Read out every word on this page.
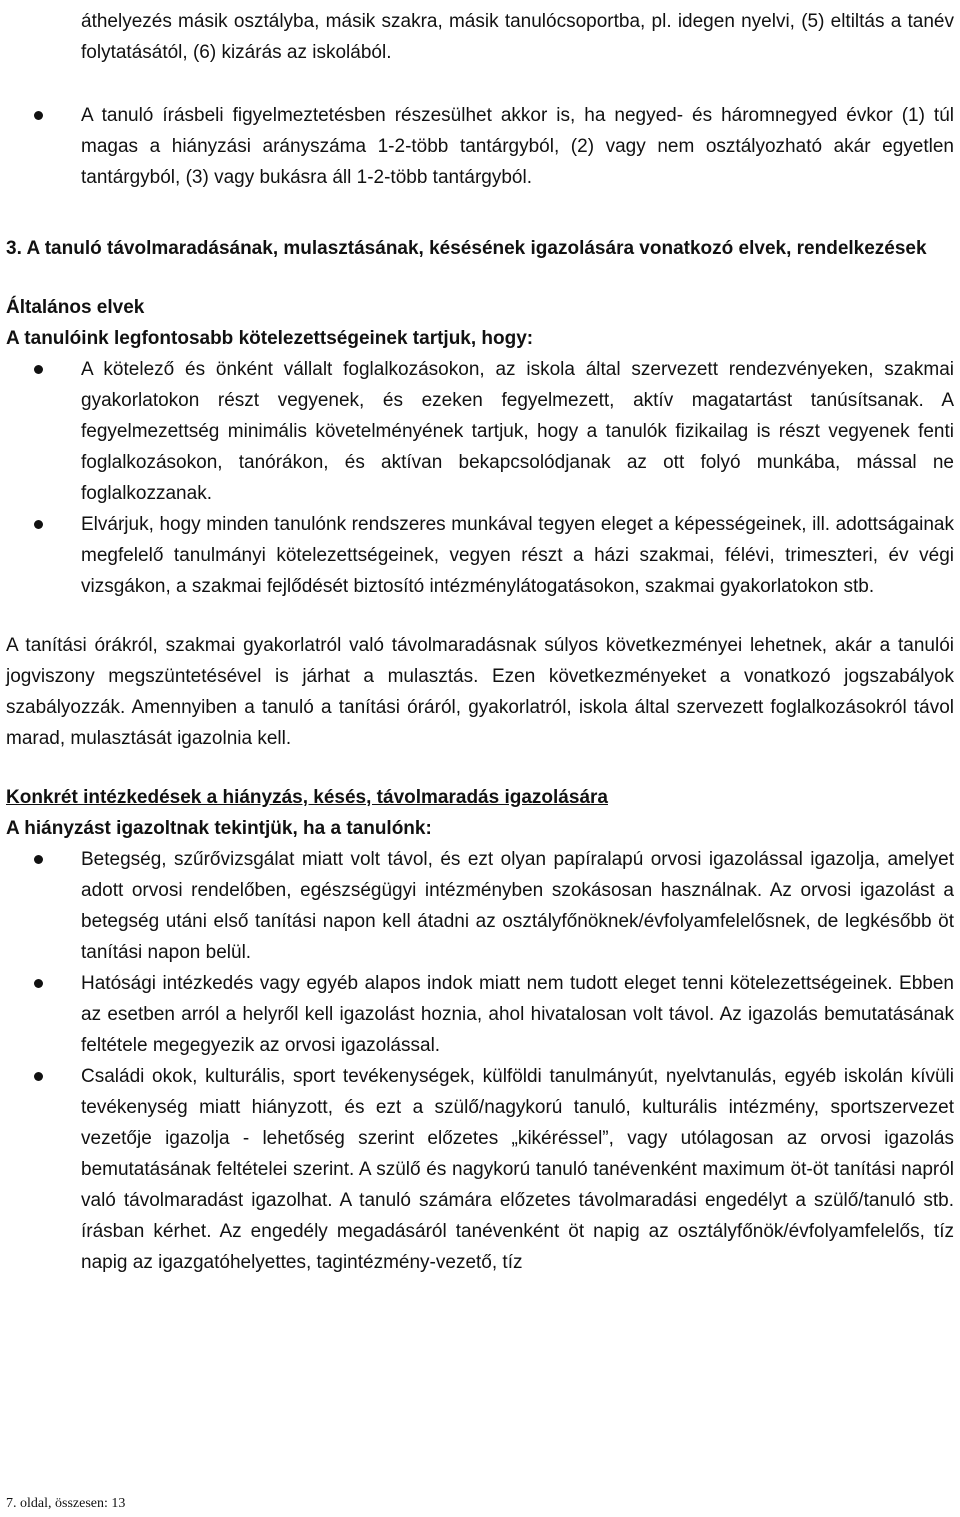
áthelyezés másik osztályba, másik szakra, másik tanulócsoportba, pl. idegen nyelvi, (5) eltiltás a tanév folytatásától, (6) kizárás az iskolából.

A tanuló írásbeli figyelmeztetésben részesülhet akkor is, ha negyed- és háromnegyed évkor (1) túl magas a hiányzási arányszáma 1-2-több tantárgyból, (2) vagy nem osztályozható akár egyetlen tantárgyból, (3) vagy bukásra áll 1-2-több tantárgyból.
3. A tanuló távolmaradásának, mulasztásának, késésének igazolására vonatkozó elvek, rendelkezések

Általános elvek

A tanulóink legfontosabb kötelezettségeinek tartjuk, hogy:

A kötelező és önként vállalt foglalkozásokon, az iskola által szervezett rendezvényeken, szakmai gyakorlatokon részt vegyenek, és ezeken fegyelmezett, aktív magatartást tanúsítsanak. A fegyelmezettség minimális követelményének tartjuk, hogy a tanulók fizikailag is részt vegyenek fenti foglalkozásokon, tanórákon, és aktívan bekapcsolódjanak az ott folyó munkába, mással ne foglalkozzanak.
Elvárjuk, hogy minden tanulónk rendszeres munkával tegyen eleget a képességeinek, ill. adottságainak megfelelő tanulmányi kötelezettségeinek, vegyen részt a házi szakmai, félévi, trimeszteri, év végi vizsgákon, a szakmai fejlődését biztosító intézménylátogatásokon, szakmai gyakorlatokon stb.

A tanítási órákról, szakmai gyakorlatról való távolmaradásnak súlyos következményei lehetnek, akár a tanulói jogviszony megszüntetésével is járhat a mulasztás. Ezen következményeket a vonatkozó jogszabályok szabályozzák. Amennyiben a tanuló a tanítási óráról, gyakorlatról, iskola által szervezett foglalkozásokról távol marad, mulasztását igazolnia kell.

Konkrét intézkedések a hiányzás, késés, távolmaradás igazolására

A hiányzást igazoltnak tekintjük, ha a tanulónk:

Betegség, szűrővizsgálat miatt volt távol, és ezt olyan papíralapú orvosi igazolással igazolja, amelyet adott orvosi rendelőben, egészségügyi intézményben szokásosan használnak. Az orvosi igazolást a betegség utáni első tanítási napon kell átadni az osztályfőnöknek/évfolyamfelelősnek, de legkésőbb öt tanítási napon belül.
Hatósági intézkedés vagy egyéb alapos indok miatt nem tudott eleget tenni kötelezettségeinek. Ebben az esetben arról a helyről kell igazolást hoznia, ahol hivatalosan volt távol. Az igazolás bemutatásának feltétele megegyezik az orvosi igazolással.
Családi okok, kulturális, sport tevékenységek, külföldi tanulmányút, nyelvtanulás, egyéb iskolán kívüli tevékenység miatt hiányzott, és ezt a szülő/nagykorú tanuló, kulturális intézmény, sportszervezet vezetője igazolja - lehetőség szerint előzetes „kikéréssel”, vagy utólagosan az orvosi igazolás bemutatásának feltételei szerint. A szülő és nagykorú tanuló tanévenként maximum öt-öt tanítási napról való távolmaradást igazolhat. A tanuló számára előzetes távolmaradási engedélyt a szülő/tanuló stb. írásban kérhet. Az engedély megadásáról tanévenként öt napig az osztályfőnök/évfolyamfelelős, tíz napig az igazgatóhelyettes, tagintézmény-vezető, tíz
7. oldal, összesen: 13
